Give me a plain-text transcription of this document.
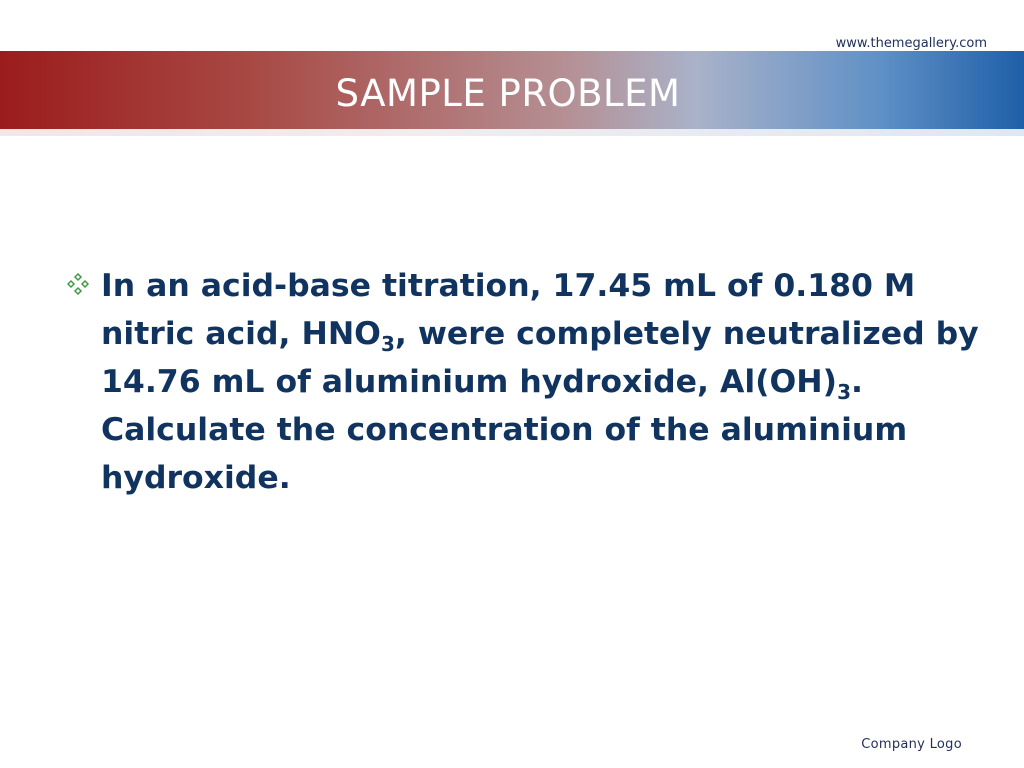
www.themegallery.com
SAMPLE PROBLEM
In an acid-base titration, 17.45 mL of 0.180 M nitric acid, $HNO_3$, were completely neutralized by 14.76 mL of aluminium hydroxide, $Al(OH)_3$. Calculate the concentration of the aluminium hydroxide.
Company Logo
